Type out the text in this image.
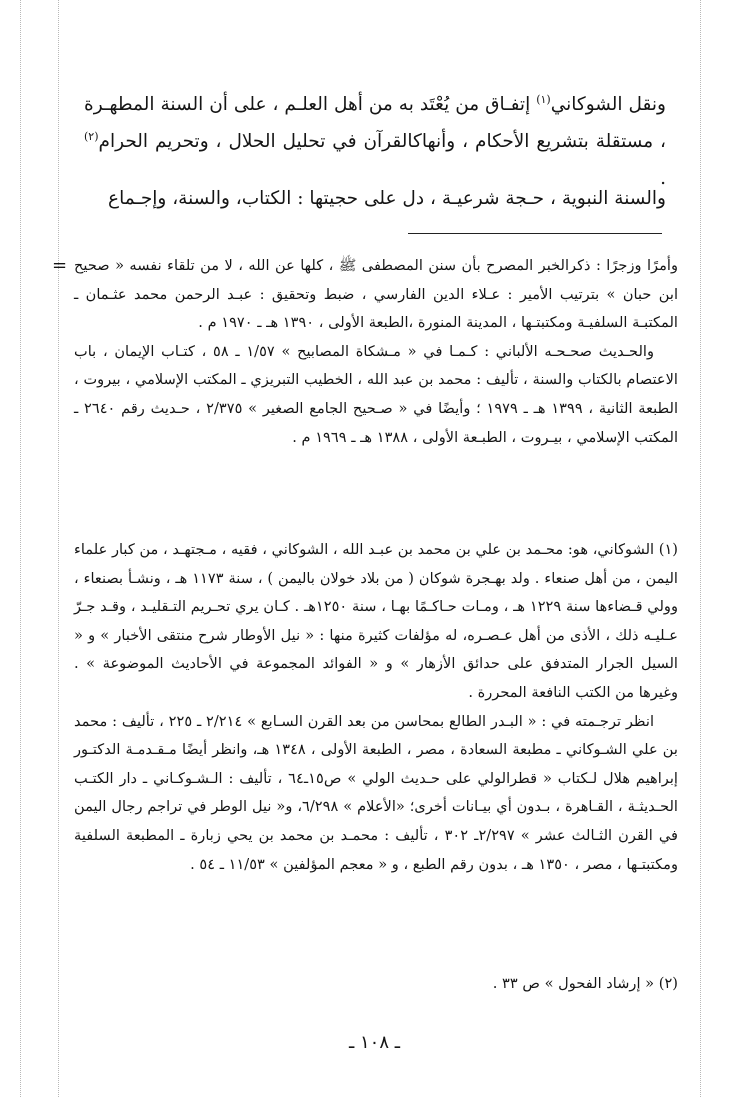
ونقل الشوكاني$^{(١)}$ إتفـاق من يُعْتَد به من أهل العلـم ، على أن السنة المطهـرة ، مستقلة بتشريع الأحكام ، وأنهاكالقرآن في تحليل الحلال ، وتحريم الحرام$^{(٢)}$ .

والسنة النبوية ، حـجة شرعيـة ، دل على حجيتها : الكتاب، والسنة، وإجـماع

= وأمرًا وزجرًا : ذكرالخبر المصرح بأن سنن المصطفى ﷺ ، كلها عن الله ، لا من تلقاء نفسه « صحيح ابن حبان » بترتيب الأمير : عـلاء الدين الفارسي ، ضبط وتحقيق : عبـد الرحمن محمد عثـمان ـ المكتبـة السلفيـة ومكتبتـها ، المدينة المنورة ،الطبعة الأولى ، ١٣٩٠ هـ ـ ١٩٧٠ م .

والحـديث صحـحـه الألباني : كـمـا في « مـشكاة المصابيح » ١/٥٧ ـ ٥٨ ، كتـاب الإيمان ، باب الاعتصام بالكتاب والسنة ، تأليف : محمد بن عبد الله ، الخطيب التبريزي ـ المكتب الإسلامي ، بيروت ، الطبعة الثانية ، ١٣٩٩ هـ ـ ١٩٧٩ ؛ وأيضًا في « صـحيح الجامع الصغير » ٢/٣٧٥ ، حـديث رقم ٢٦٤٠ ـ المكتب الإسلامي ، بيـروت ، الطبـعة الأولى ، ١٣٨٨ هـ ـ ١٩٦٩ م .

(١) الشوكاني، هو: محـمد بن علي بن محمد بن عبـد الله ، الشوكاني ، فقيه ، مـجتهـد ، من كبار علماء اليمن ، من أهل صنعاء . ولد بهـجرة شوكان ( من بلاد خولان باليمن ) ، سنة ١١٧٣ هـ ، ونشـأ بصنعاء ، وولي قـضاءها سنة ١٢٢٩ هـ ، ومـات حـاكـمًا بهـا ، سنة ١٢٥٠هـ . كـان يري تحـريم التـقليـد ، وقـد جـرّ عـليـه ذلك ، الأذى من أهل عـصـره، له مؤلفات كثيرة منها : « نيل الأوطار شرح منتقى الأخبار » و « السيل الجرار المتدفق على حدائق الأزهار » و « الفوائد المجموعة في الأحاديث الموضوعة » . وغيرها من الكتب النافعة المحررة .

انظر ترجـمته في : « البـدر الطالع بمحاسن من بعد القرن السـابع » ٢/٢١٤ ـ ٢٢٥ ، تأليف : محمد بن علي الشـوكاني ـ مطبعة السعادة ، مصر ، الطبعة الأولى ، ١٣٤٨ هـ، وانظر أيضًا مـقـدمـة الدكتـور إبراهيم هلال لـكتاب « قطرالولي على حـديث الولي » ص١٥ـ٦٤ ، تأليف : الـشـوكـاني ـ دار الكتـب الحـديثـة ، القـاهرة ، بـدون أي بيـانات أخرى؛ «الأعلام » ٦/٢٩٨، و« نيل الوطر في تراجم رجال اليمن في القرن الثـالث عشر » ٢/٢٩٧ـ ٣٠٢ ، تأليف : محمـد بن محمد بن يحي زبارة ـ المطبعة السلفية ومكتبتـها ، مصر ، ١٣٥٠ هـ ، بدون رقم الطبع ، و « معجم المؤلفين » ١١/٥٣ ـ ٥٤ .

(٢) « إرشاد الفحول » ص ٣٣ .

ـ ١٠٨ ـ
